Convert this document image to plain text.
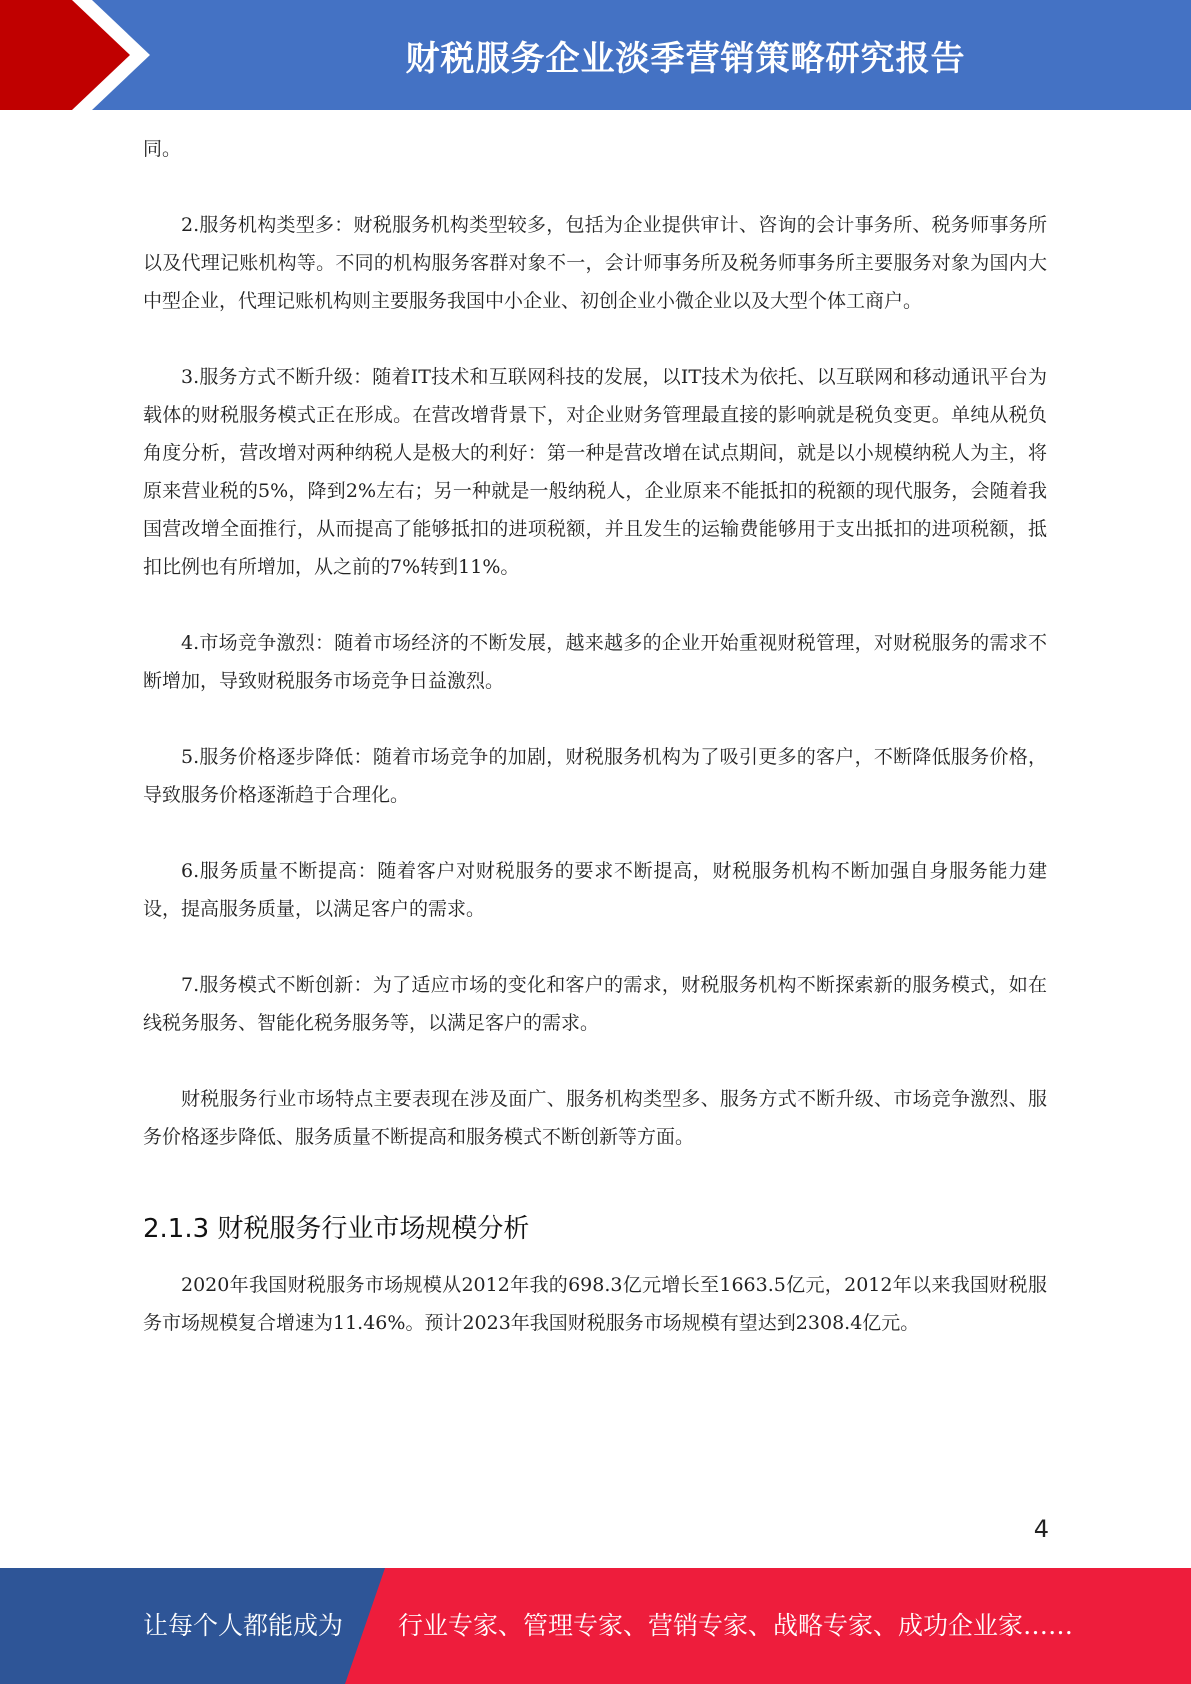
财税服务企业淡季营销策略研究报告

同。

2.服务机构类型多：财税服务机构类型较多，包括为企业提供审计、咨询的会计事务所、税务师事务所以及代理记账机构等。不同的机构服务客群对象不一，会计师事务所及税务师事务所主要服务对象为国内大中型企业，代理记账机构则主要服务我国中小企业、初创企业小微企业以及大型个体工商户。

3.服务方式不断升级：随着IT技术和互联网科技的发展，以IT技术为依托、以互联网和移动通讯平台为载体的财税服务模式正在形成。在营改增背景下，对企业财务管理最直接的影响就是税负变更。单纯从税负角度分析，营改增对两种纳税人是极大的利好：第一种是营改增在试点期间，就是以小规模纳税人为主，将原来营业税的5%，降到2%左右；另一种就是一般纳税人，企业原来不能抵扣的税额的现代服务，会随着我国营改增全面推行，从而提高了能够抵扣的进项税额，并且发生的运输费能够用于支出抵扣的进项税额，抵扣比例也有所增加，从之前的7%转到11%。

4.市场竞争激烈：随着市场经济的不断发展，越来越多的企业开始重视财税管理，对财税服务的需求不断增加，导致财税服务市场竞争日益激烈。

5.服务价格逐步降低：随着市场竞争的加剧，财税服务机构为了吸引更多的客户，不断降低服务价格，导致服务价格逐渐趋于合理化。

6.服务质量不断提高：随着客户对财税服务的要求不断提高，财税服务机构不断加强自身服务能力建设，提高服务质量，以满足客户的需求。

7.服务模式不断创新：为了适应市场的变化和客户的需求，财税服务机构不断探索新的服务模式，如在线税务服务、智能化税务服务等，以满足客户的需求。

财税服务行业市场特点主要表现在涉及面广、服务机构类型多、服务方式不断升级、市场竞争激烈、服务价格逐步降低、服务质量不断提高和服务模式不断创新等方面。

2.1.3 财税服务行业市场规模分析

2020年我国财税服务市场规模从2012年我的698.3亿元增长至1663.5亿元，2012年以来我国财税服务市场规模复合增速为11.46%。预计2023年我国财税服务市场规模有望达到2308.4亿元。

4
让每个人都能成为 行业专家、管理专家、营销专家、战略专家、成功企业家……
